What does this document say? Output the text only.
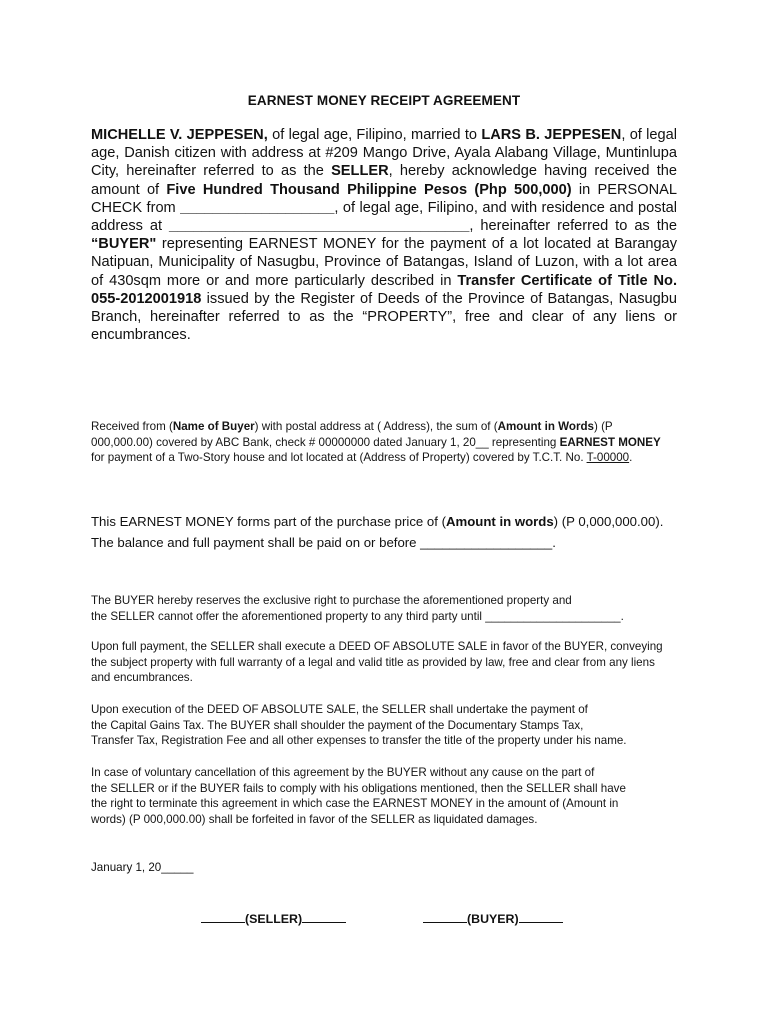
EARNEST MONEY RECEIPT AGREEMENT
MICHELLE V. JEPPESEN, of legal age, Filipino, married to LARS B. JEPPESEN, of legal age, Danish citizen with address at #209 Mango Drive, Ayala Alabang Village, Muntinlupa City, hereinafter referred to as the SELLER, hereby acknowledge having received the amount of Five Hundred Thousand Philippine Pesos (Php 500,000) in PERSONAL CHECK from ___________________, of legal age, Filipino, and with residence and postal address at _____________________________________, hereinafter referred to as the “BUYER" representing EARNEST MONEY for the payment of a lot located at Barangay Natipuan, Municipality of Nasugbu, Province of Batangas, Island of Luzon, with a lot area of 430sqm more or and more particularly described in Transfer Certificate of Title No. 055-2012001918 issued by the Register of Deeds of the Province of Batangas, Nasugbu Branch, hereinafter referred to as the “PROPERTY”, free and clear of any liens or encumbrances.
Received from (Name of Buyer) with postal address at ( Address), the sum of (Amount in Words) (P 000,000.00) covered by ABC Bank, check # 00000000 dated January 1, 20__ representing EARNEST MONEY for payment of a Two-Story house and lot located at (Address of Property) covered by T.C.T. No. T-00000.
This EARNEST MONEY forms part of the purchase price of (Amount in words) (P 0,000,000.00). The balance and full payment shall be paid on or before __________________.
The BUYER hereby reserves the exclusive right to purchase the aforementioned property and
the SELLER cannot offer the aforementioned property to any third party until _____________________.
Upon full payment, the SELLER shall execute a DEED OF ABSOLUTE SALE in favor of the BUYER, conveying the subject property with full warranty of a legal and valid title as provided by law, free and clear from any liens and encumbrances.
Upon execution of the DEED OF ABSOLUTE SALE, the SELLER shall undertake the payment of
the Capital Gains Tax. The BUYER shall shoulder the payment of the Documentary Stamps Tax,
Transfer Tax, Registration Fee and all other expenses to transfer the title of the property under his name.
In case of voluntary cancellation of this agreement by the BUYER without any cause on the part of
the SELLER or if the BUYER fails to comply with his obligations mentioned, then the SELLER shall have
the right to terminate this agreement in which case the EARNEST MONEY in the amount of (Amount in
words) (P 000,000.00) shall be forfeited in favor of the SELLER as liquidated damages.
January 1, 20_____
(SELLER)	(BUYER)
